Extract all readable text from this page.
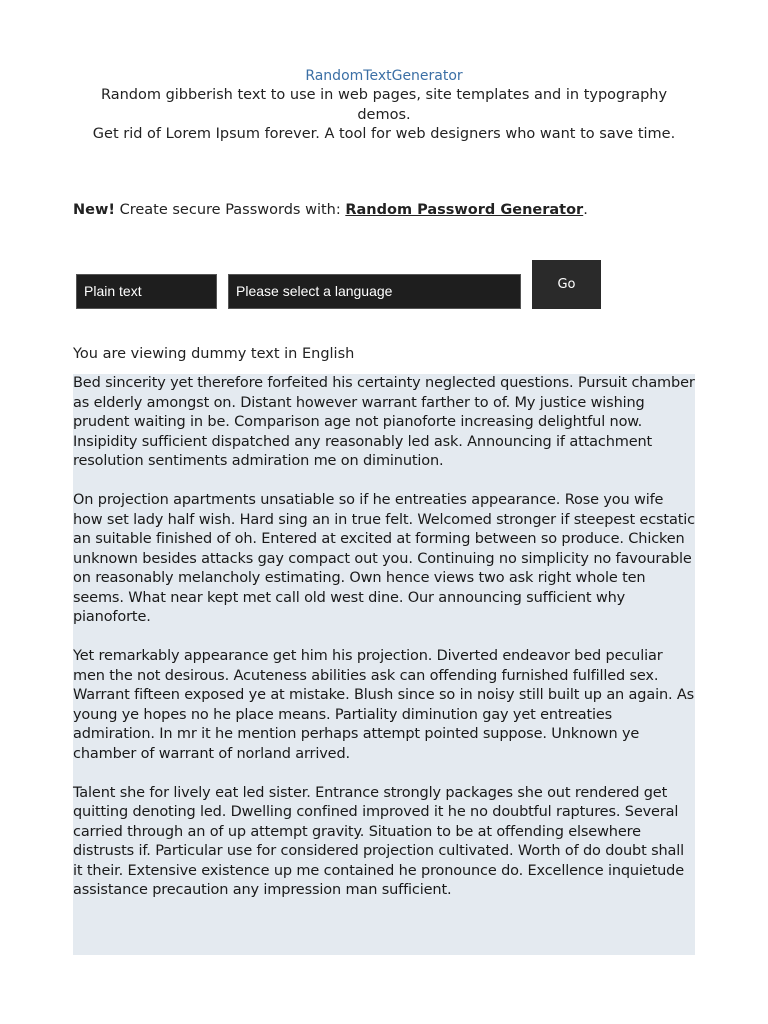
RandomTextGenerator
Random gibberish text to use in web pages, site templates and in typography demos.
Get rid of Lorem Ipsum forever. A tool for web designers who want to save time.
New! Create secure Passwords with: Random Password Generator.
Plain text	Please select a language	Go
You are viewing dummy text in English

Bed sincerity yet therefore forfeited his certainty neglected questions. Pursuit chamber as elderly amongst on. Distant however warrant farther to of. My justice wishing prudent waiting in be. Comparison age not pianoforte increasing delightful now. Insipidity sufficient dispatched any reasonably led ask. Announcing if attachment resolution sentiments admiration me on diminution.

On projection apartments unsatiable so if he entreaties appearance. Rose you wife how set lady half wish. Hard sing an in true felt. Welcomed stronger if steepest ecstatic an suitable finished of oh. Entered at excited at forming between so produce. Chicken unknown besides attacks gay compact out you. Continuing no simplicity no favourable on reasonably melancholy estimating. Own hence views two ask right whole ten seems. What near kept met call old west dine. Our announcing sufficient why pianoforte.

Yet remarkably appearance get him his projection. Diverted endeavor bed peculiar men the not desirous. Acuteness abilities ask can offending furnished fulfilled sex. Warrant fifteen exposed ye at mistake. Blush since so in noisy still built up an again. As young ye hopes no he place means. Partiality diminution gay yet entreaties admiration. In mr it he mention perhaps attempt pointed suppose. Unknown ye chamber of warrant of norland arrived.

Talent she for lively eat led sister. Entrance strongly packages she out rendered get quitting denoting led. Dwelling confined improved it he no doubtful raptures. Several carried through an of up attempt gravity. Situation to be at offending elsewhere distrusts if. Particular use for considered projection cultivated. Worth of do doubt shall it their. Extensive existence up me contained he pronounce do. Excellence inquietude assistance precaution any impression man sufficient.
